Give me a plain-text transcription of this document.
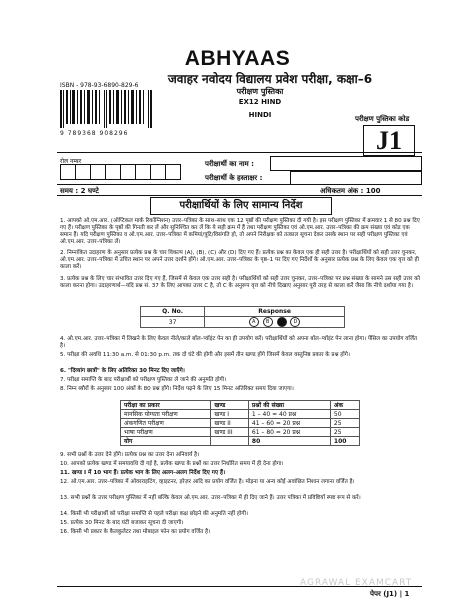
ABHYAAS
जवाहर नवोदय विद्यालय प्रवेश परीक्षा, कक्षा–6
परीक्षण पुस्तिका
EX12 HIND
HINDI
ISBN - 978-93-6890-829-6
9 789368 908296
परीक्षण पुस्तिका कोड
J1
रोल नम्बर	परीक्षार्थी का नाम :
परीक्षार्थी के हस्ताक्षर :
समय : 2 घण्टे	अधिकतम अंक : 100
परीक्षार्थियों के लिए सामान्य निर्देश
1. आपको ओ.एम.आर. (ऑप्टिकल मार्क रिकॉग्निशन) उत्तर–पत्रिका के साथ–साथ एक 12 पृष्ठों की परीक्षण पुस्तिका दी गयी है। इस परीक्षण पुस्तिका में क्रमवार 1 से 80 प्रश्न दिए गए हैं। परीक्षण पुस्तिका के पृष्ठों की गिनती कर लें और सुनिश्चित कर लें कि ये सही क्रम में हैं तथा परीक्षण पुस्तिका एवं ओ.एम.आर. उत्तर–पत्रिका की क्रम संख्या एवं कोड एक समान हैं। यदि परीक्षण पुस्तिका व ओ.एम.आर. उत्तर–पत्रिका में कमियां/त्रुटि/विसंगति हो, तो अपने निरीक्षक को तत्काल सूचना देकर उसके स्थान पर सही परीक्षण पुस्तिका एवं ओ.एम.आर. उत्तर–पत्रिका लें।
2. निम्नांकित उदाहरण के अनुसार प्रत्येक प्रश्न के चार विकल्प (A), (B), (C) और (D) दिए गए हैं। प्रत्येक प्रश्न का केवल एक ही सही उत्तर है। परीक्षार्थियों को सही उत्तर चुनकर, ओ.एम.आर. उत्तर–पत्रिका में उचित स्थान पर अपने उत्तर दर्शाने होंगे। ओ.एम.आर. उत्तर–पत्रिका के पृष्ठ–1 पर दिए गए निर्देशों के अनुसार प्रत्येक प्रश्न के लिए केवल एक वृत्त को ही काला करें।
3. प्रत्येक प्रश्न के लिए चार संभावित उत्तर दिए गए हैं, जिसमें से केवल एक उत्तर सही है। परीक्षार्थियों को सही उत्तर चुनकर, उत्तर–पत्रिका पर प्रश्न संख्या के सामने उस सही उत्तर को काला करना होगा। उदाहरणार्थ—यदि प्रश्न सं. 37 के लिए आपका उत्तर C है, तो C के अनुरूप वृत्त को नीचे दिखाए अनुसार पूरी तरह से काला करें जैसा कि नीचे दर्शाया गया है।
Q. No.	Response
37	A B C D
4. ओ.एम.आर. उत्तर–पत्रिका में लिखने के लिए केवल नीले/काले बॉल–प्वॉइंट पेन का ही उपयोग करें। परीक्षार्थियों को अपना बॉल–प्वॉइंट पेन लाना होगा। पेंसिल का उपयोग वर्जित है।
5. परीक्षा की अवधि 11:30 a.m. से 01:30 p.m. तक दो घंटे की होगी और इसमें तीन खण्ड होंगे जिसमें केवल वस्तुनिष्ठ प्रकार के प्रश्न होंगे।
6. "दिव्यांग छात्रों" के लिए अतिरिक्त 30 मिनट दिए जाएँगे।
7. परीक्षा समाप्ति के बाद परीक्षार्थी को परीक्षण पुस्तिका ले जाने की अनुमति होगी।
8. निम्न ब्यौरों के अनुसार 100 अंकों के 80 प्रश्न होंगे। निर्देश पढ़ने के लिए 15 मिनट अतिरिक्त समय दिया जाएगा।
परीक्षा का प्रकार	खण्ड	प्रश्नों की संख्या	अंक
मानसिक योग्यता परीक्षण	खण्ड I	1 – 40 = 40 प्रश्न	50
अंकगणित परीक्षण	खण्ड II	41 – 60 = 20 प्रश्न	25
भाषा परीक्षण	खण्ड III	61 – 80 = 20 प्रश्न	25
योग		80	100
9. सभी प्रश्नों के उत्तर देने होंगे। प्रत्येक प्रश्न का उत्तर देना अनिवार्य है।
10. आपको प्रत्येक खण्ड में समयावधि दी गई है, प्रत्येक खण्ड के प्रश्नों का उत्तर निर्धारित समय में ही देना होगा।
11. खण्ड I में 10 भाग हैं। प्रत्येक भाग के लिए अलग–अलग निर्देश दिए गए हैं।
12. ओ.एम.आर. उत्तर–पत्रिका में ओवरराइटिंग, व्हाइटनर, इरेज़र आदि का प्रयोग वर्जित है। मोड़ना या अन्य कोई अवांछित निशान लगाना वर्जित है।
13. सभी प्रश्नों के उत्तर परीक्षण पुस्तिका में नहीं बल्कि केवल ओ.एम.आर. उत्तर–पत्रिका में ही दिए जाने हैं। उत्तर पत्रिका में प्रविष्टियाँ स्पष्ट रूप से करें।
14. किसी भी परीक्षार्थी को परीक्षा समाप्ति से पहले परीक्षा कक्ष छोड़ने की अनुमति नहीं होगी।
15. प्रत्येक 30 मिनट के बाद घंटी बजाकर सूचना दी जाएगी।
16. किसी भी प्रकार के कैलकुलेटर तथा मोबाइल फोन का प्रयोग वर्जित है।
AGRAWAL EXAMCART
पेपर (J1) | 1
